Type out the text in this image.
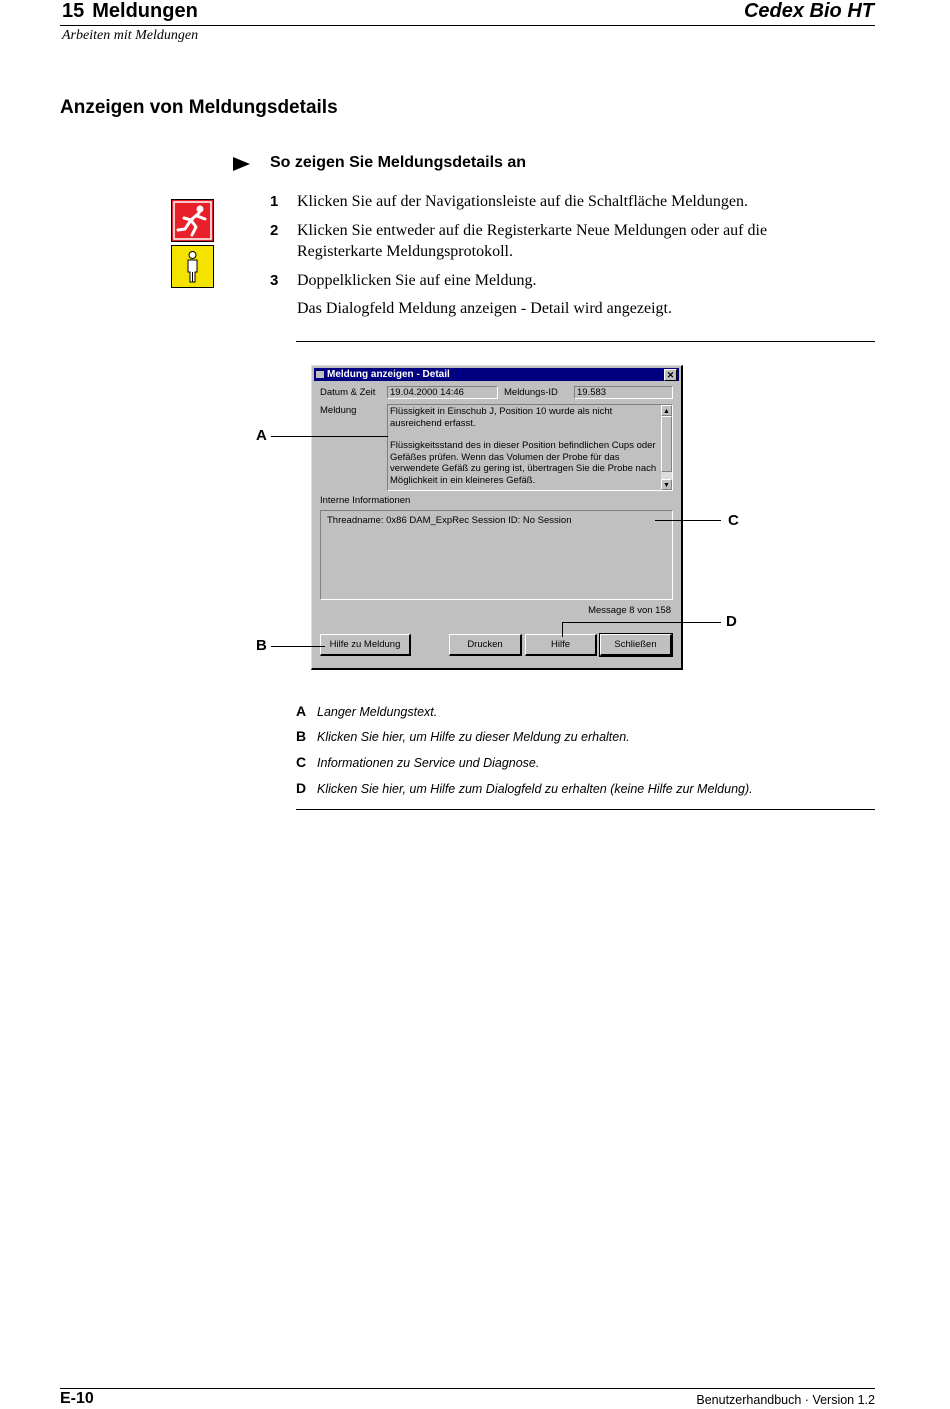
15 Meldungen	Cedex Bio HT
Arbeiten mit Meldungen
Anzeigen von Meldungsdetails
So zeigen Sie Meldungsdetails an
1 Klicken Sie auf der Navigationsleiste auf die Schaltfläche Meldungen.
2 Klicken Sie entweder auf die Registerkarte Neue Meldungen oder auf die Registerkarte Meldungsprotokoll.
3 Doppelklicken Sie auf eine Meldung.
Das Dialogfeld Meldung anzeigen - Detail wird angezeigt.
Meldung anzeigen - Detail	✕
Datum & Zeit	19.04.2000 14:46	Meldungs-ID	19.583
Meldung	Flüssigkeit in Einschub J, Position 10 wurde als nicht ausreichend erfasst.

Flüssigkeitsstand des in dieser Position befindlichen Cups oder Gefäßes prüfen. Wenn das Volumen der Probe für das verwendete Gefäß zu gering ist, übertragen Sie die Probe nach Möglichkeit in ein kleineres Gefäß.

▲
▼
Interne Informationen
Threadname: 0x86 DAM_ExpRec Session ID: No Session
Message 8 von 158
Hilfe zu Meldung	Drucken	Hilfe	Schließen
A
C
D
B
A Langer Meldungstext.
B Klicken Sie hier, um Hilfe zu dieser Meldung zu erhalten.
C Informationen zu Service und Diagnose.
D Klicken Sie hier, um Hilfe zum Dialogfeld zu erhalten (keine Hilfe zur Meldung).
E-10	Benutzerhandbuch · Version 1.2
